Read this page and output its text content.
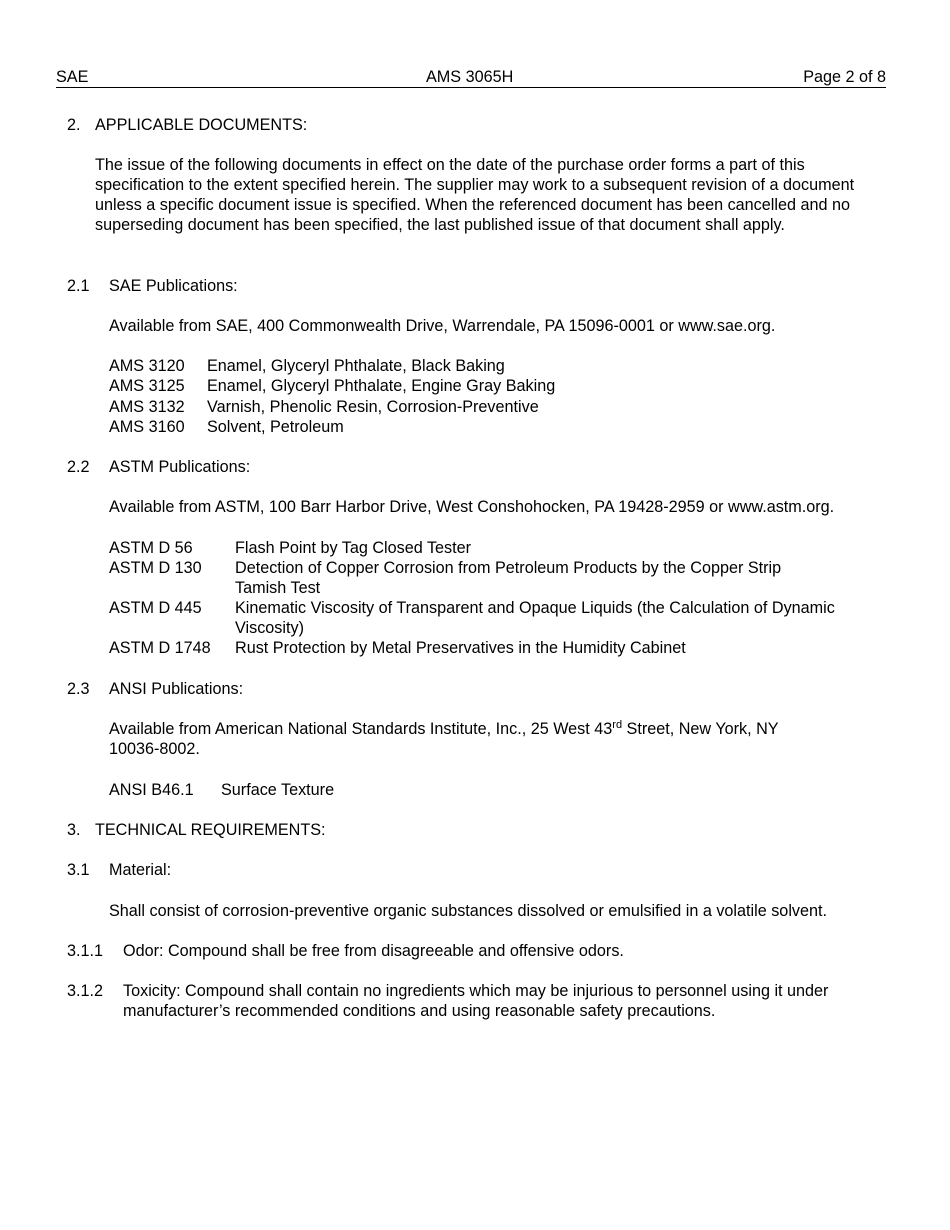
SAE	AMS 3065H	Page 2 of 8
2. APPLICABLE DOCUMENTS:

The issue of the following documents in effect on the date of the purchase order forms a part of this specification to the extent specified herein. The supplier may work to a subsequent revision of a document unless a specific document issue is specified. When the referenced document has been cancelled and no superseding document has been specified, the last published issue of that document shall apply.

2.1 SAE Publications:

Available from SAE, 400 Commonwealth Drive, Warrendale, PA 15096-0001 or www.sae.org.

AMS 3120 Enamel, Glyceryl Phthalate, Black Baking
AMS 3125 Enamel, Glyceryl Phthalate, Engine Gray Baking
AMS 3132 Varnish, Phenolic Resin, Corrosion-Preventive
AMS 3160 Solvent, Petroleum
2.2 ASTM Publications:

Available from ASTM, 100 Barr Harbor Drive, West Conshohocken, PA 19428-2959 or www.astm.org.

ASTM D 56	Flash Point by Tag Closed Tester
ASTM D 130 Detection of Copper Corrosion from Petroleum Products by the Copper Strip Tamish Test
ASTM D 445 Kinematic Viscosity of Transparent and Opaque Liquids (the Calculation of Dynamic Viscosity)
ASTM D 1748 Rust Protection by Metal Preservatives in the Humidity Cabinet
2.3 ANSI Publications:

Available from American National Standards Institute, Inc., 25 West 43rd Street, New York, NY 10036-8002.

ANSI B46.1 Surface Texture
3. TECHNICAL REQUIREMENTS:
3.1 Material:

Shall consist of corrosion-preventive organic substances dissolved or emulsified in a volatile solvent.

3.1.1 Odor: Compound shall be free from disagreeable and offensive odors.

3.1.2 Toxicity: Compound shall contain no ingredients which may be injurious to personnel using it under manufacturer’s recommended conditions and using reasonable safety precautions.
